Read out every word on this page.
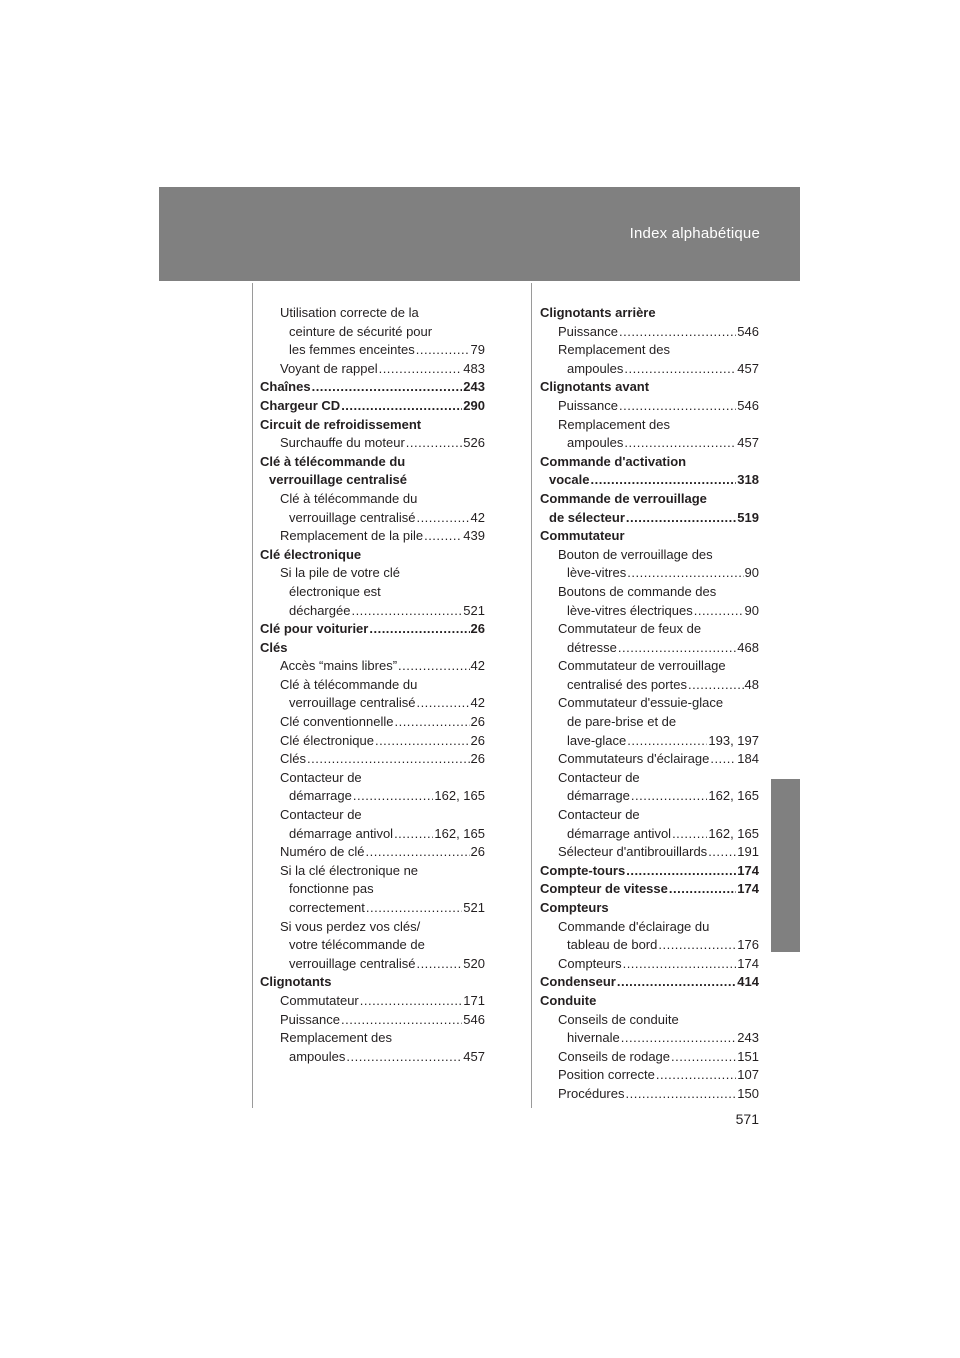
Index alphabétique
Utilisation correcte de la
ceinture de sécurité pour
les femmes enceintes .....	79
Voyant de rappel .....	483
Chaînes .....	243
Chargeur CD .....	290
Circuit de refroidissement
Surchauffe du moteur .....	526
Clé à télécommande du
verrouillage centralisé
Clé à télécommande du
verrouillage centralisé .....	42
Remplacement de la pile .....	439
Clé électronique
Si la pile de votre clé
électronique est
déchargée .....	521
Clé pour voiturier .....	26
Clés
Accès “mains libres” .....	42
Clé à télécommande du
verrouillage centralisé .....	42
Clé conventionnelle .....	26
Clé électronique .....	26
Clés .....	26
Contacteur de
démarrage .....	162, 165
Contacteur de
démarrage antivol .....	162, 165
Numéro de clé .....	26
Si la clé électronique ne
fonctionne pas
correctement .....	521
Si vous perdez vos clés/
votre télécommande de
verrouillage centralisé .....	520
Clignotants
Commutateur .....	171
Puissance .....	546
Remplacement des
ampoules .....	457
Clignotants arrière
Puissance .....	546
Remplacement des
ampoules .....	457
Clignotants avant
Puissance .....	546
Remplacement des
ampoules .....	457
Commande d'activation
vocale .....	318
Commande de verrouillage
de sélecteur .....	519
Commutateur
Bouton de verrouillage des
lève-vitres .....	90
Boutons de commande des
lève-vitres électriques .....	90
Commutateur de feux de
détresse .....	468
Commutateur de verrouillage
centralisé des portes .....	48
Commutateur d'essuie-glace
de pare-brise et de
lave-glace .....	193, 197
Commutateurs d'éclairage ..... 184
Contacteur de
démarrage .....	162, 165
Contacteur de
démarrage antivol .....	162, 165
Sélecteur d'antibrouillards ..... 191
Compte-tours .....	174
Compteur de vitesse .....	174
Compteurs
Commande d'éclairage du
tableau de bord .....	176
Compteurs .....	174
Condenseur .....	414
Conduite
Conseils de conduite
hivernale .....	243
Conseils de rodage .....	151
Position correcte .....	107
Procédures .....	150
571
